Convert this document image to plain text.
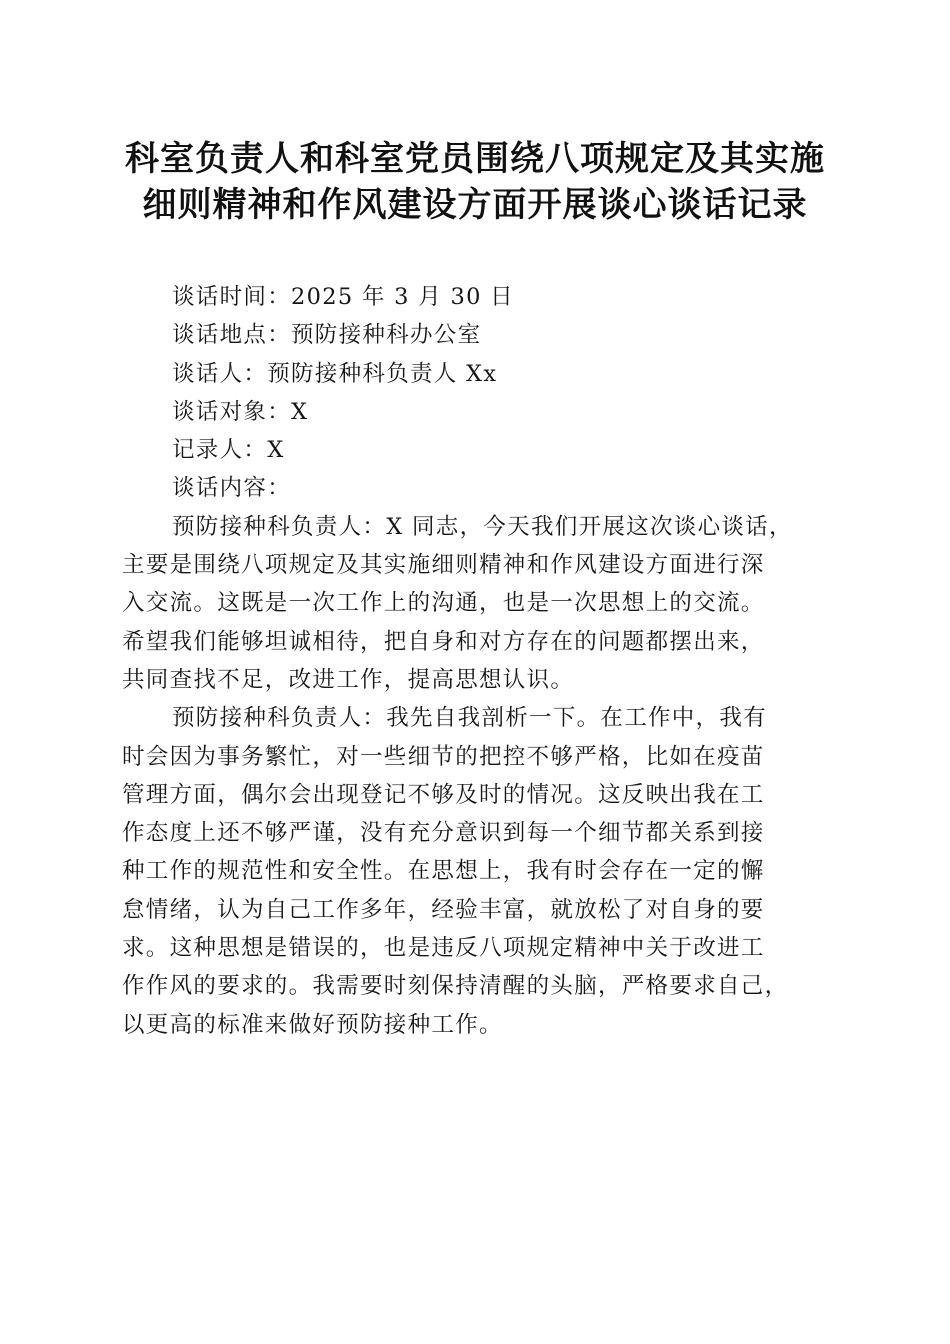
科室负责人和科室党员围绕八项规定及其实施
细则精神和作风建设方面开展谈心谈话记录

谈话时间：2025 年 3 月 30 日

谈话地点：预防接种科办公室

谈话人：预防接种科负责人 Xx

谈话对象：X

记录人：X

谈话内容：

预防接种科负责人：X 同志，今天我们开展这次谈心谈话，
主要是围绕八项规定及其实施细则精神和作风建设方面进行深
入交流。这既是一次工作上的沟通，也是一次思想上的交流。
希望我们能够坦诚相待，把自身和对方存在的问题都摆出来，
共同查找不足，改进工作，提高思想认识。
预防接种科负责人：我先自我剖析一下。在工作中，我有
时会因为事务繁忙，对一些细节的把控不够严格，比如在疫苗
管理方面，偶尔会出现登记不够及时的情况。这反映出我在工
作态度上还不够严谨，没有充分意识到每一个细节都关系到接
种工作的规范性和安全性。在思想上，我有时会存在一定的懈
怠情绪，认为自己工作多年，经验丰富，就放松了对自身的要
求。这种思想是错误的，也是违反八项规定精神中关于改进工
作作风的要求的。我需要时刻保持清醒的头脑，严格要求自己，
以更高的标准来做好预防接种工作。
